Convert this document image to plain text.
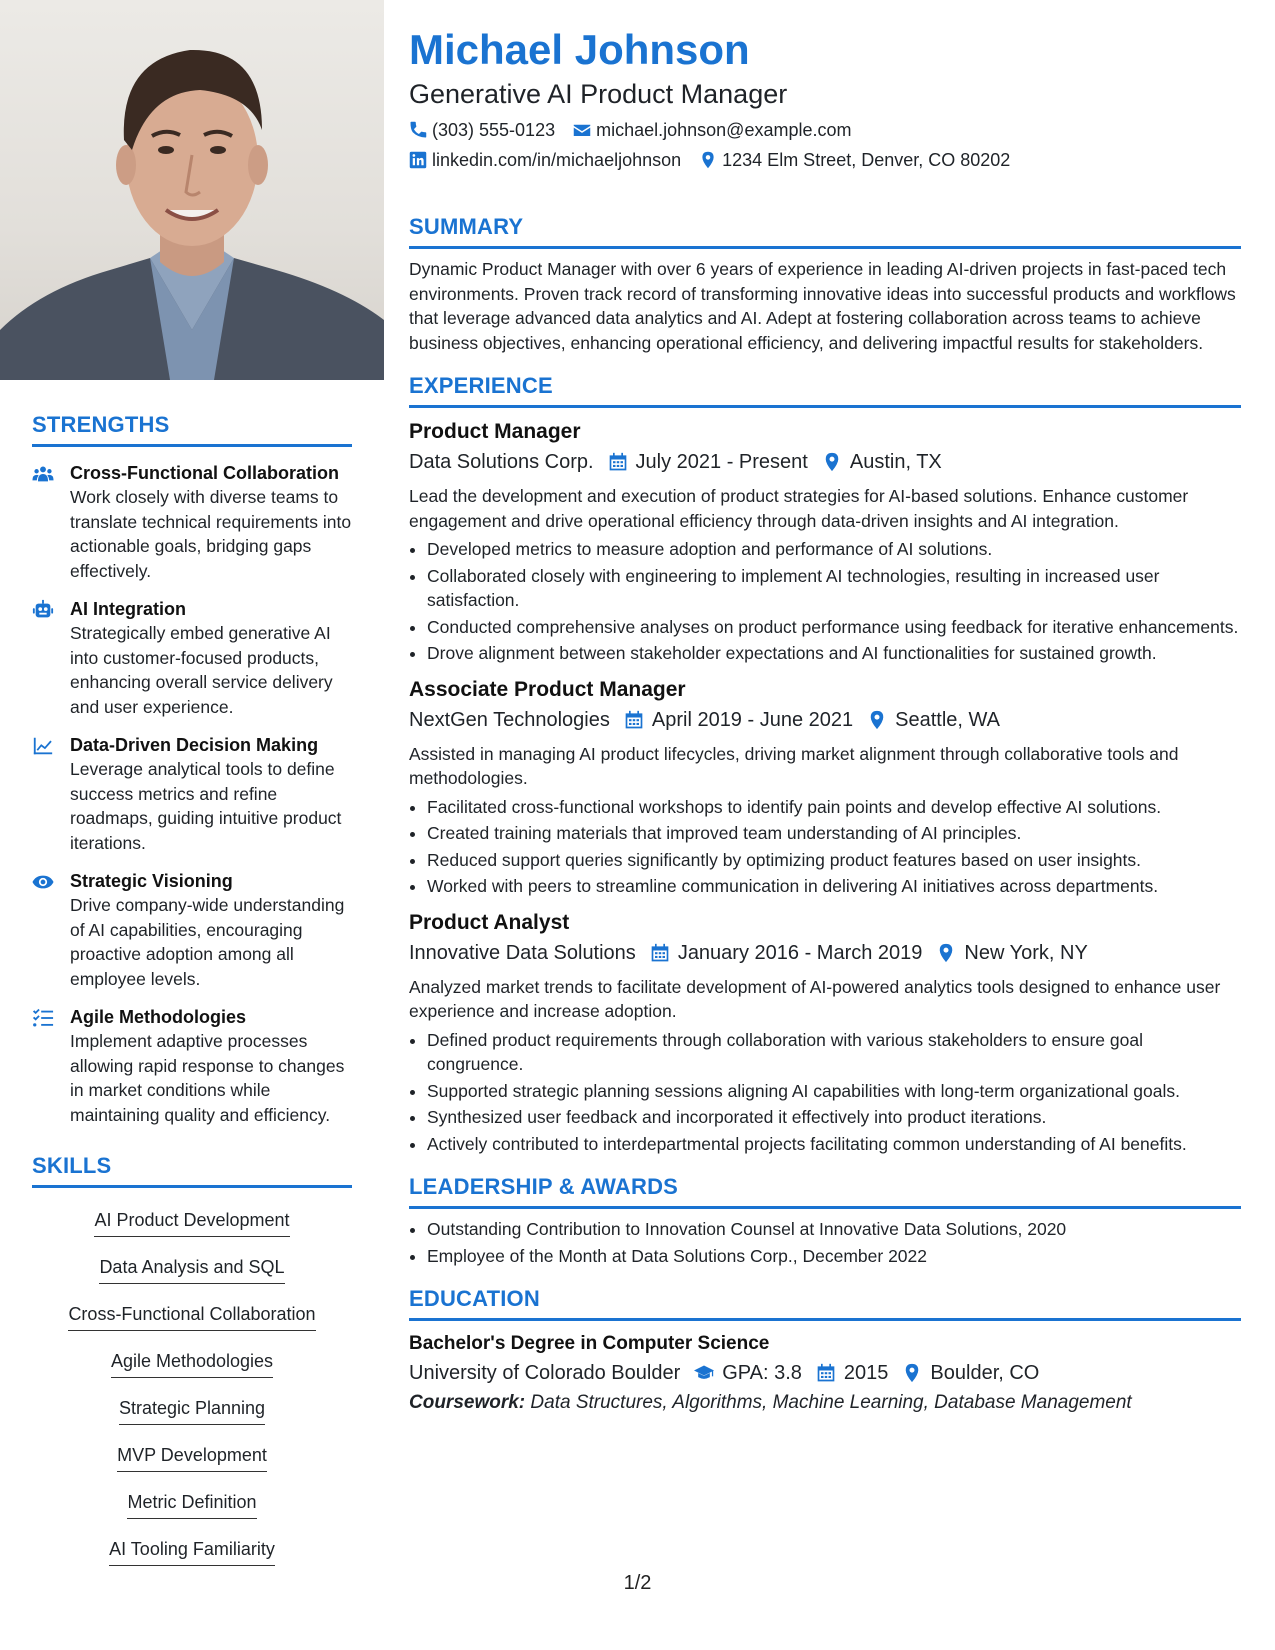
STRENGTHS
Cross-Functional Collaboration
Work closely with diverse teams to translate technical requirements into actionable goals, bridging gaps effectively.
AI Integration
Strategically embed generative AI into customer-focused products, enhancing overall service delivery and user experience.
Data-Driven Decision Making
Leverage analytical tools to define success metrics and refine roadmaps, guiding intuitive product iterations.
Strategic Visioning
Drive company-wide understanding of AI capabilities, encouraging proactive adoption among all employee levels.
Agile Methodologies
Implement adaptive processes allowing rapid response to changes in market conditions while maintaining quality and efficiency.
SKILLS
AI Product Development
Data Analysis and SQL
Cross-Functional Collaboration
Agile Methodologies
Strategic Planning
MVP Development
Metric Definition
AI Tooling Familiarity
Michael Johnson
Generative AI Product Manager
(303) 555-0123 michael.johnson@example.com
linkedin.com/in/michaeljohnson 1234 Elm Street, Denver, CO 80202
SUMMARY
Dynamic Product Manager with over 6 years of experience in leading AI-driven projects in fast-paced tech environments. Proven track record of transforming innovative ideas into successful products and workflows that leverage advanced data analytics and AI. Adept at fostering collaboration across teams to achieve business objectives, enhancing operational efficiency, and delivering impactful results for stakeholders.
EXPERIENCE
Product Manager
Data Solutions Corp. July 2021 - Present Austin, TX
Lead the development and execution of product strategies for AI-based solutions. Enhance customer engagement and drive operational efficiency through data-driven insights and AI integration.
• Developed metrics to measure adoption and performance of AI solutions.
• Collaborated closely with engineering to implement AI technologies, resulting in increased user satisfaction.
• Conducted comprehensive analyses on product performance using feedback for iterative enhancements.
• Drove alignment between stakeholder expectations and AI functionalities for sustained growth.
Associate Product Manager
NextGen Technologies April 2019 - June 2021 Seattle, WA
Assisted in managing AI product lifecycles, driving market alignment through collaborative tools and methodologies.
• Facilitated cross-functional workshops to identify pain points and develop effective AI solutions.
• Created training materials that improved team understanding of AI principles.
• Reduced support queries significantly by optimizing product features based on user insights.
• Worked with peers to streamline communication in delivering AI initiatives across departments.
Product Analyst
Innovative Data Solutions January 2016 - March 2019 New York, NY
Analyzed market trends to facilitate development of AI-powered analytics tools designed to enhance user experience and increase adoption.
• Defined product requirements through collaboration with various stakeholders to ensure goal congruence.
• Supported strategic planning sessions aligning AI capabilities with long-term organizational goals.
• Synthesized user feedback and incorporated it effectively into product iterations.
• Actively contributed to interdepartmental projects facilitating common understanding of AI benefits.
LEADERSHIP & AWARDS
• Outstanding Contribution to Innovation Counsel at Innovative Data Solutions, 2020
• Employee of the Month at Data Solutions Corp., December 2022
EDUCATION
Bachelor's Degree in Computer Science
University of Colorado Boulder GPA: 3.8 2015 Boulder, CO
Coursework: Data Structures, Algorithms, Machine Learning, Database Management
1/2
